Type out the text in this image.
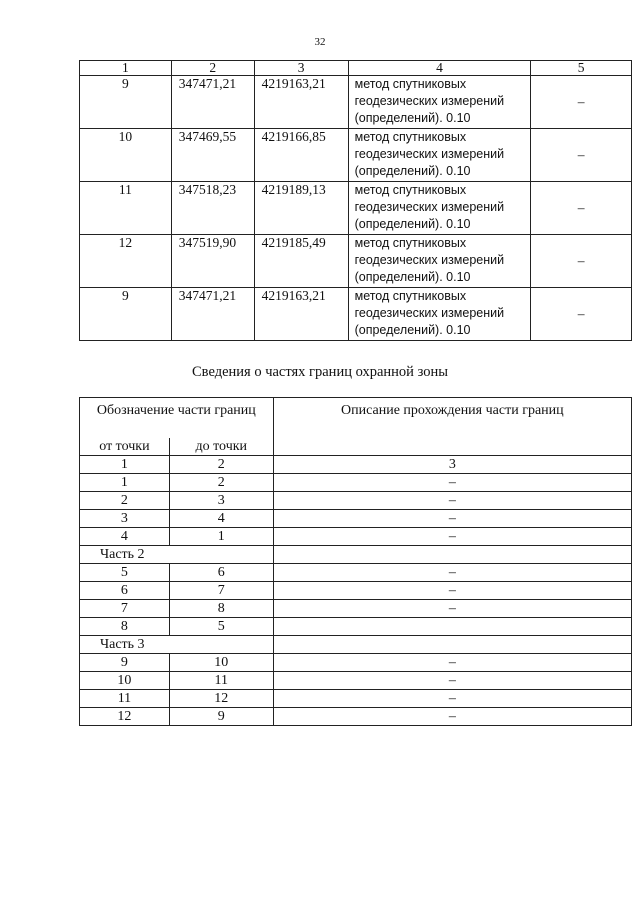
32
1	2	3	4	5
9	347471,21	4219163,21	метод спутниковых
геодезических измерений
(определений). 0.10	–
10	347469,55	4219166,85	метод спутниковых
геодезических измерений
(определений). 0.10	–
11	347518,23	4219189,13	метод спутниковых
геодезических измерений
(определений). 0.10	–
12	347519,90	4219185,49	метод спутниковых
геодезических измерений
(определений). 0.10	–
9	347471,21	4219163,21	метод спутниковых
геодезических измерений
(определений). 0.10	–
Сведения о частях границ охранной зоны
Обозначение части границ		Описание прохождения части границ
от точки	до точки	
1	2	3
1	2	–
2	3	–
3	4	–
4	1	–
Часть 2		
5	6	–
6	7	–
7	8	–
8	5	
Часть 3		
9	10	–
10	11	–
11	12	–
12	9	–
